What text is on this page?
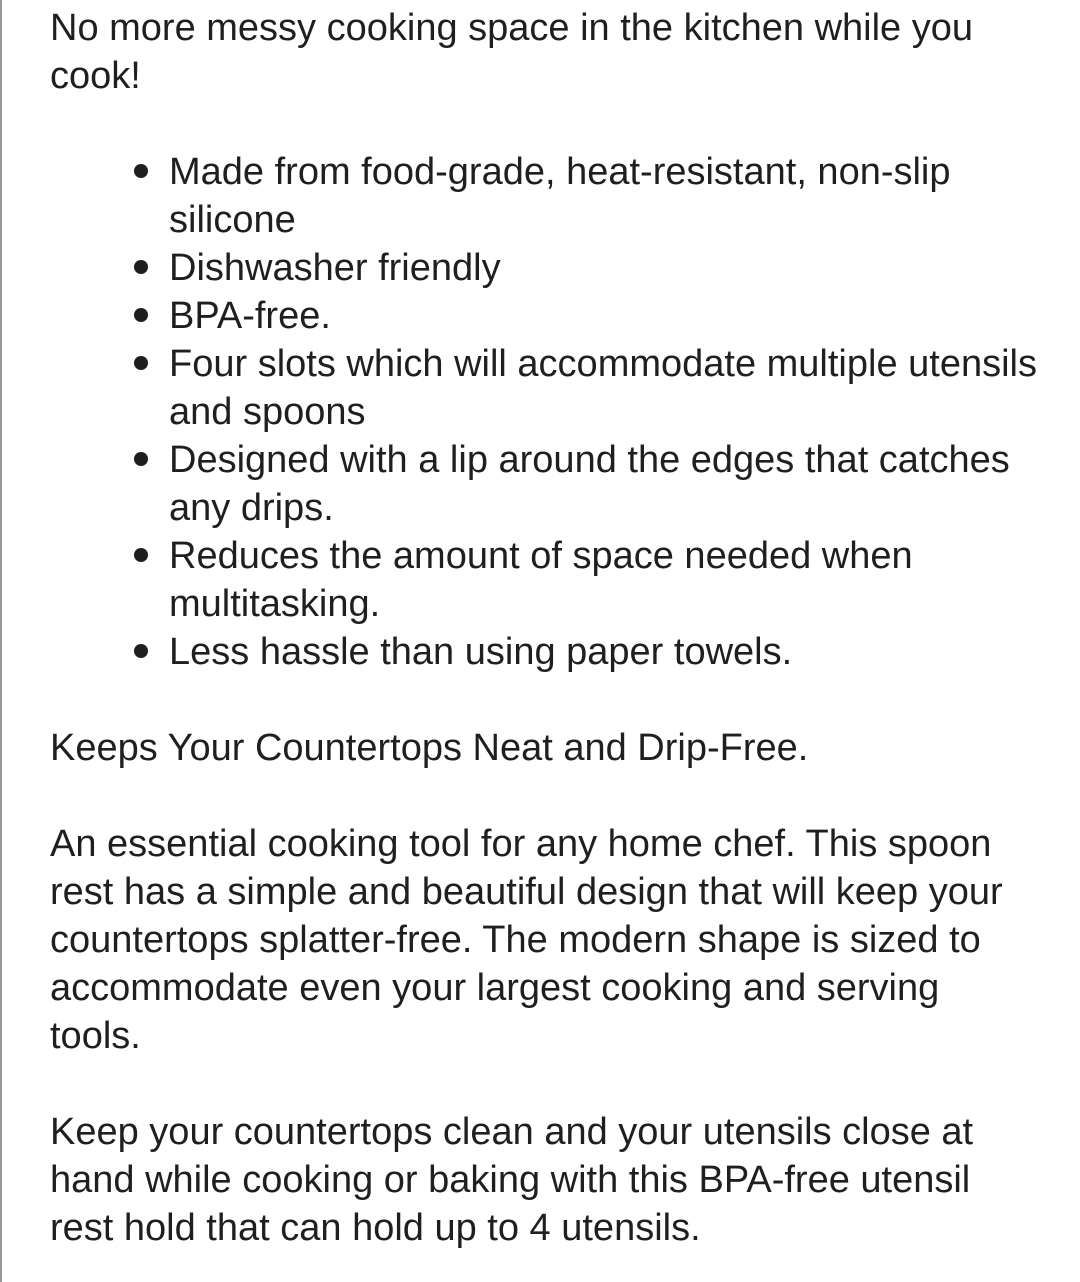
No more messy cooking space in the kitchen while you cook!

Made from food-grade, heat-resistant, non-slip silicone
Dishwasher friendly
BPA-free.
Four slots which will accommodate multiple utensils and spoons
Designed with a lip around the edges that catches any drips.
Reduces the amount of space needed when multitasking.
Less hassle than using paper towels.

Keeps Your Countertops Neat and Drip-Free.

An essential cooking tool for any home chef. This spoon rest has a simple and beautiful design that will keep your countertops splatter-free. The modern shape is sized to accommodate even your largest cooking and serving tools.

Keep your countertops clean and your utensils close at hand while cooking or baking with this BPA-free utensil rest hold that can hold up to 4 utensils.
